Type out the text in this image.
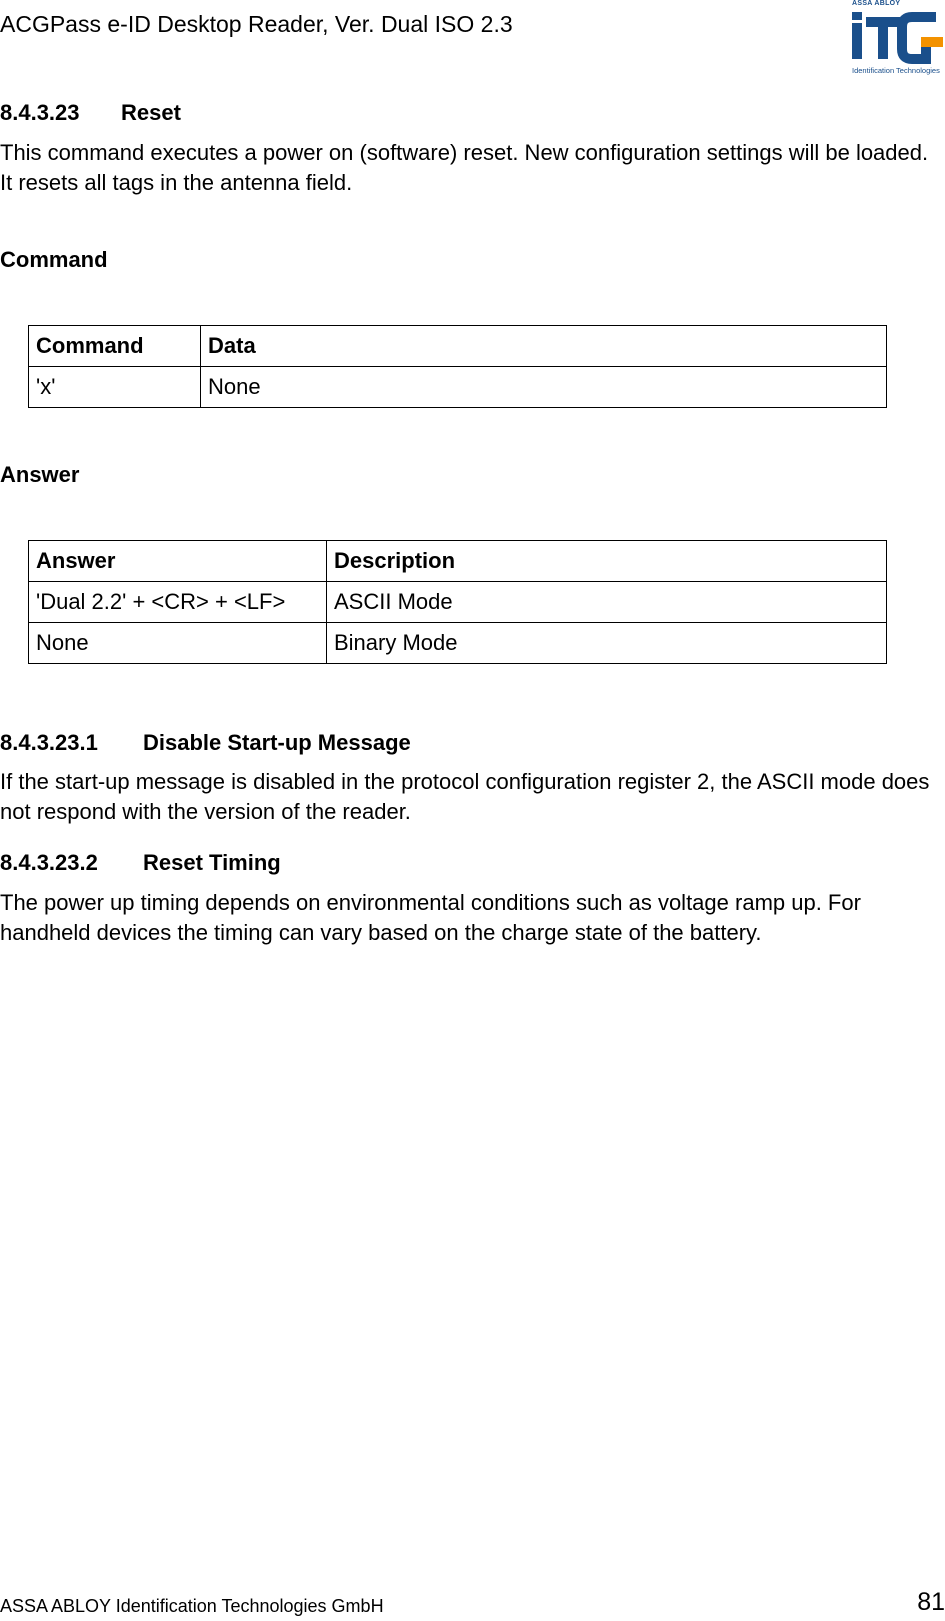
ACGPass e-ID Desktop Reader, Ver. Dual ISO 2.3
ASSA ABLOY
Identification Technologies
8.4.3.23 Reset
This command executes a power on (software) reset. New configuration settings will be loaded. It resets all tags in the antenna field.
Command
Command	Data
'x'	None
Answer
Answer	Description
'Dual 2.2' + <CR> + <LF>	ASCII Mode
None	Binary Mode
8.4.3.23.1 Disable Start-up Message
If the start-up message is disabled in the protocol configuration register 2, the ASCII mode does not respond with the version of the reader.
8.4.3.23.2 Reset Timing
The power up timing depends on environmental conditions such as voltage ramp up. For handheld devices the timing can vary based on the charge state of the battery.
ASSA ABLOY Identification Technologies GmbH	81
